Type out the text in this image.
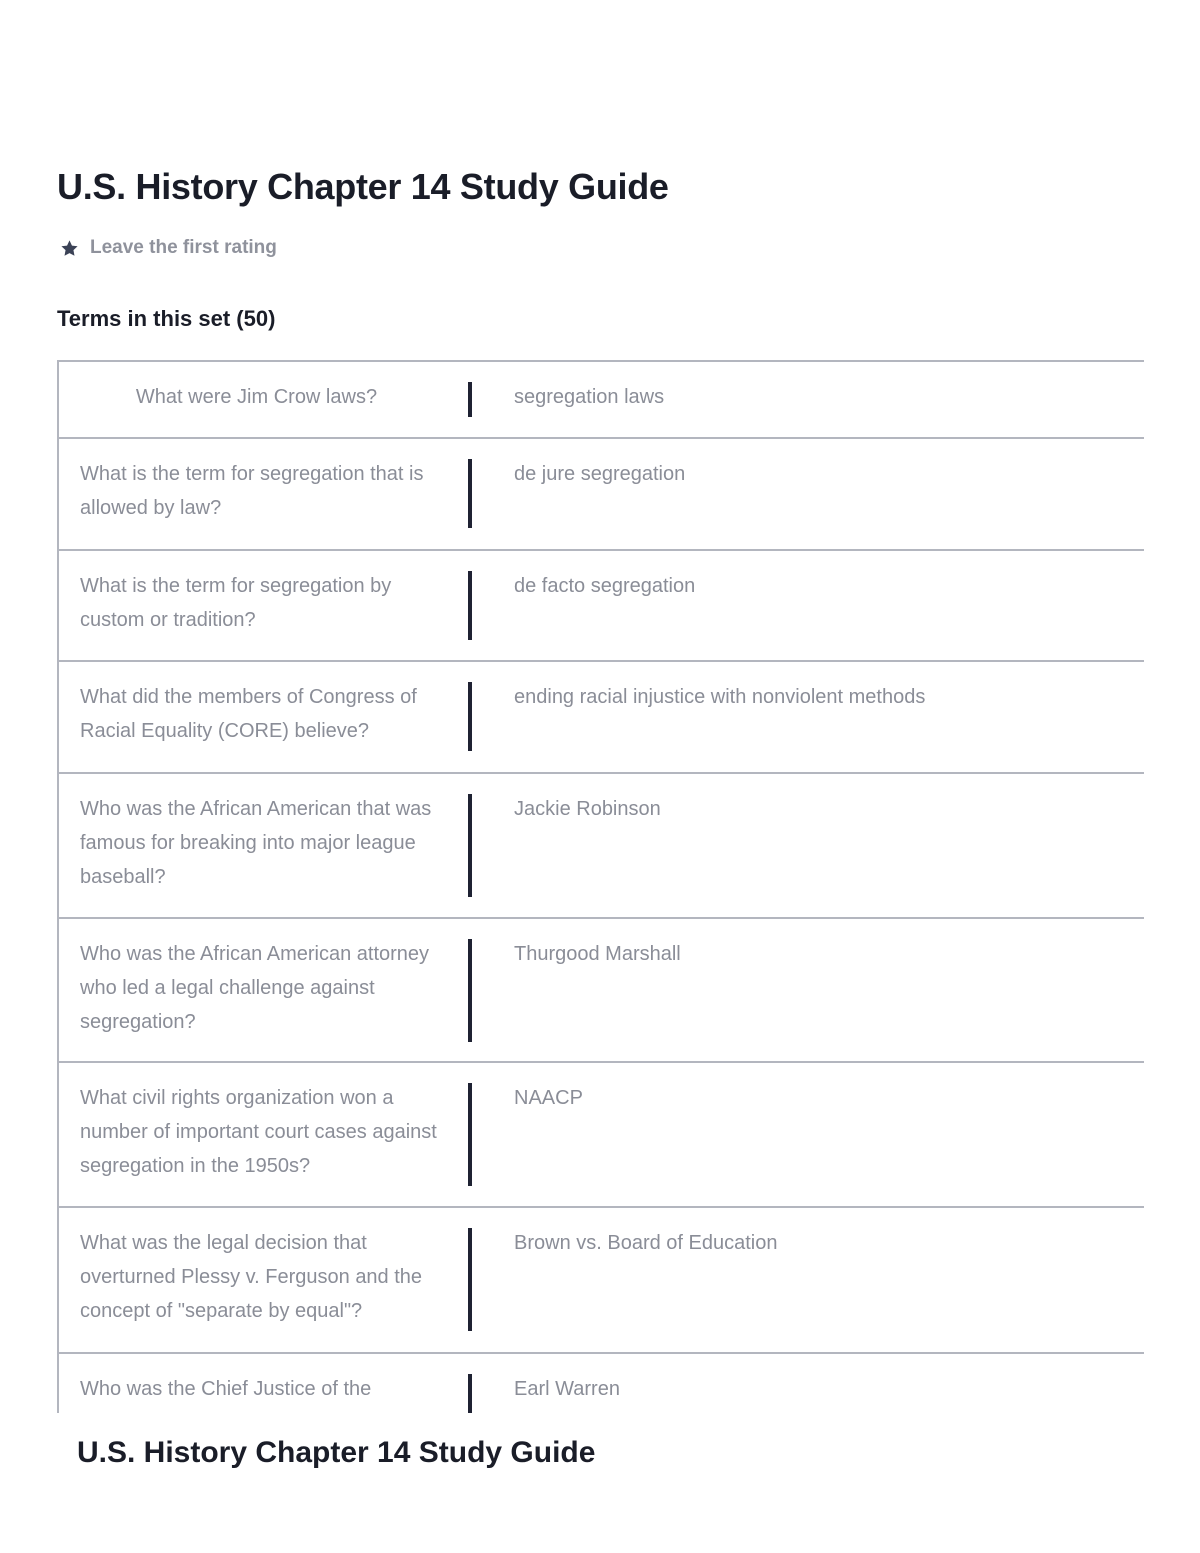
U.S. History Chapter 14 Study Guide
Leave the first rating
Terms in this set (50)
What were Jim Crow laws?	segregation laws
What is the term for segregation that is allowed by law?
de jure segregation
What is the term for segregation by custom or tradition?
de facto segregation
What did the members of Congress of Racial Equality (CORE) believe?
ending racial injustice with nonviolent methods
Who was the African American that was famous for breaking into major league baseball?
Jackie Robinson
Who was the African American attorney who led a legal challenge against segregation?
Thurgood Marshall
What civil rights organization won a number of important court cases against segregation in the 1950s?
NAACP
What was the legal decision that overturned Plessy v. Ferguson and the concept of "separate by equal"?
Brown vs. Board of Education
Who was the Chief Justice of the	Earl Warren
U.S. History Chapter 14 Study Guide
